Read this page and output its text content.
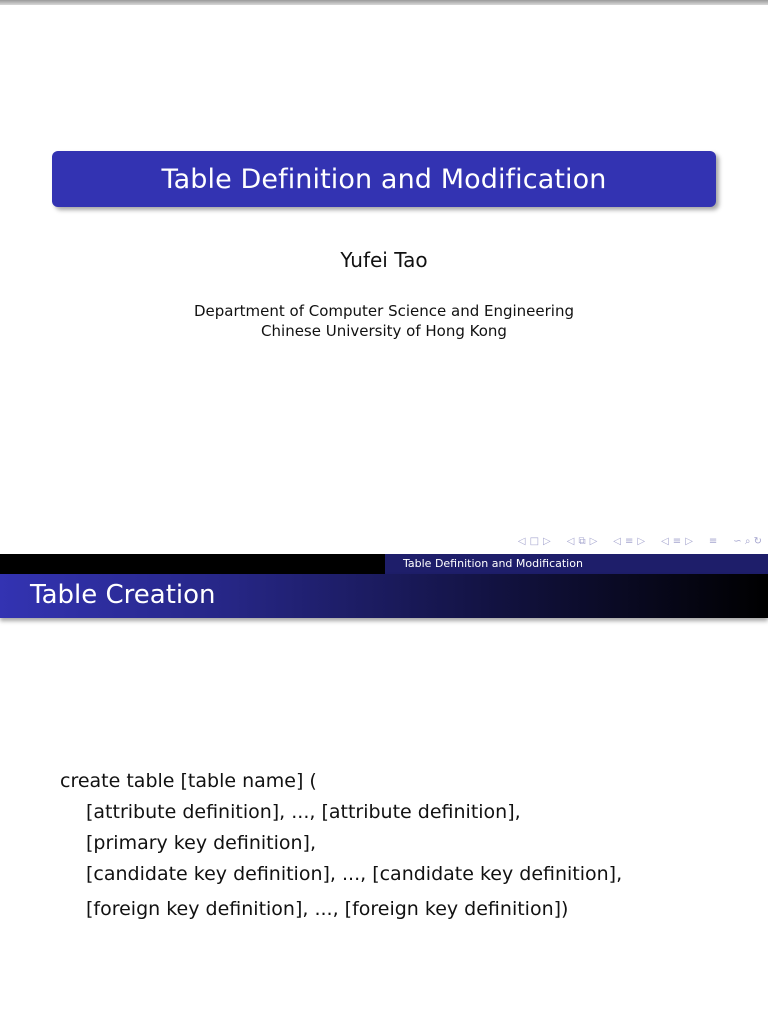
Table Definition and Modification
Yufei Tao
Department of Computer Science and Engineering
Chinese University of Hong Kong
◁ □ ▷ ◁ ⧉ ▷ ◁ ≡ ▷ ◁ ≡ ▷ ≡ ∽ ⌕ ↻
Table Definition and Modification
Table Creation
create table [table name] (
[attribute definition], ..., [attribute definition],
[primary key definition],
[candidate key definition], ..., [candidate key definition],
[foreign key definition], ..., [foreign key definition])
